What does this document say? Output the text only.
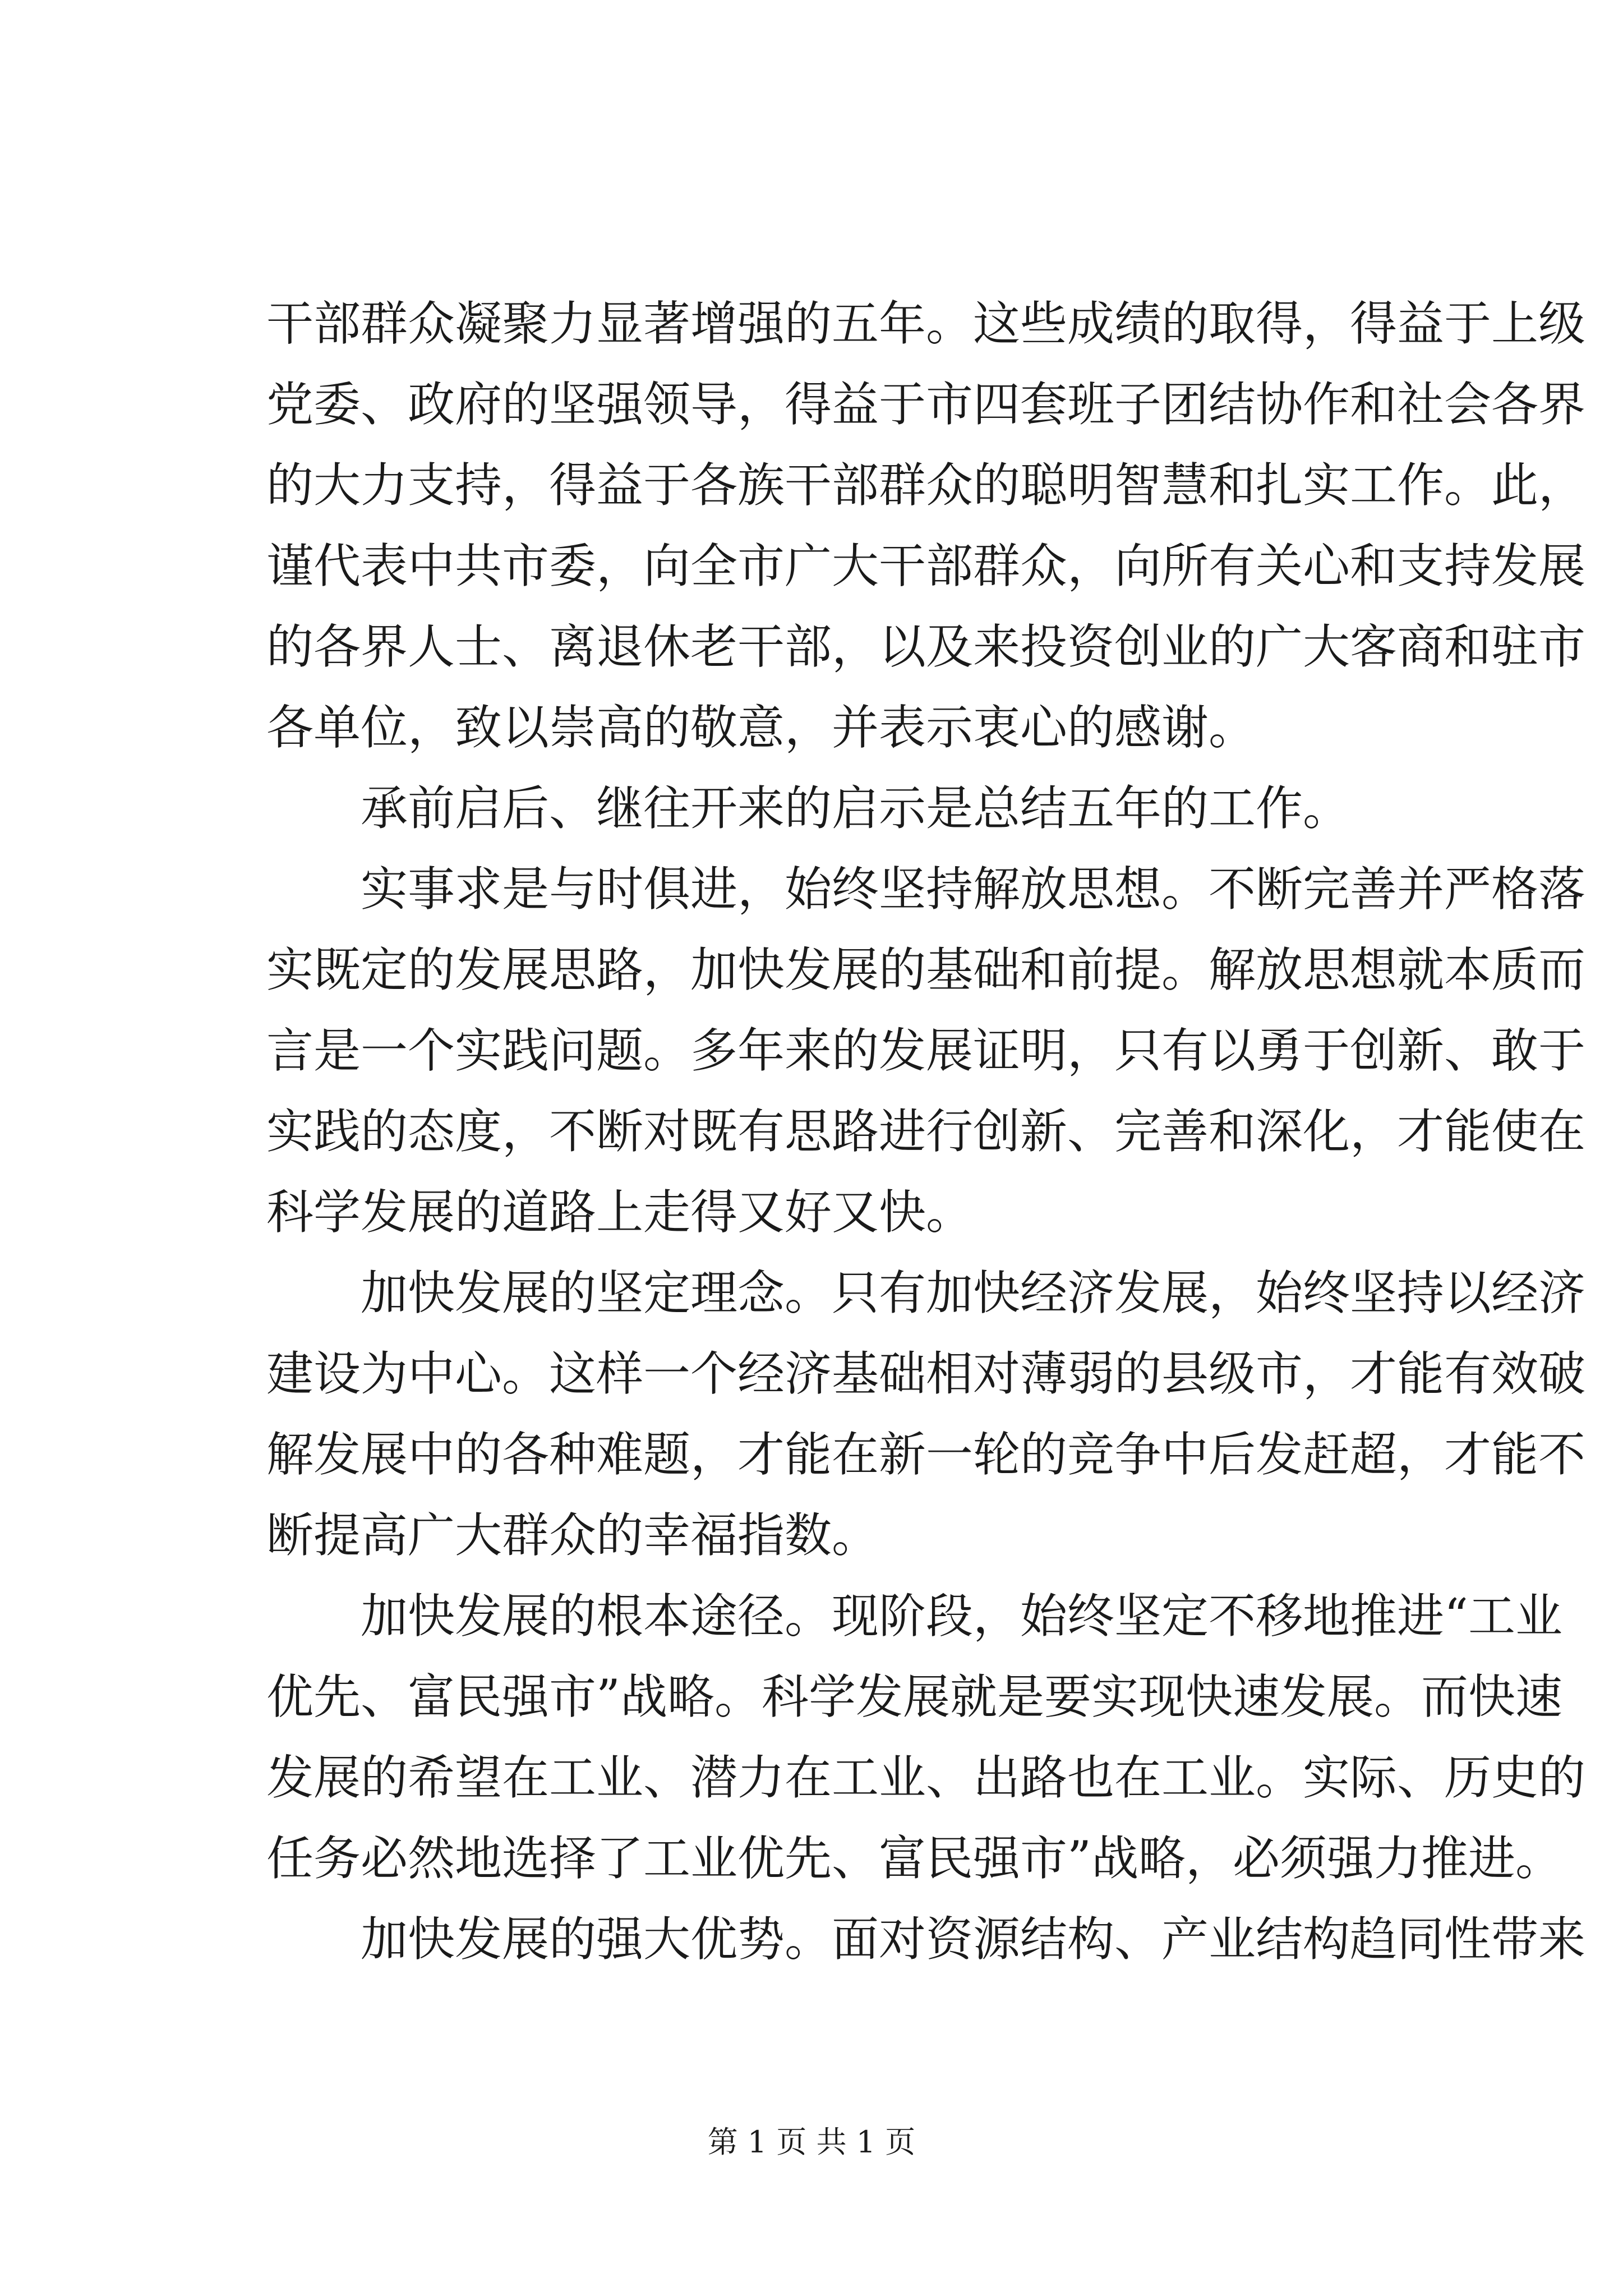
干部群众凝聚力显著增强的五年。这些成绩的取得，得益于上级
党委、政府的坚强领导，得益于市四套班子团结协作和社会各界
的大力支持，得益于各族干部群众的聪明智慧和扎实工作。此，
谨代表中共市委，向全市广大干部群众，向所有关心和支持发展
的各界人士、离退休老干部，以及来投资创业的广大客商和驻市
各单位，致以崇高的敬意，并表示衷心的感谢。
　　承前启后、继往开来的启示是总结五年的工作。
　　实事求是与时俱进，始终坚持解放思想。不断完善并严格落
实既定的发展思路，加快发展的基础和前提。解放思想就本质而
言是一个实践问题。多年来的发展证明，只有以勇于创新、敢于
实践的态度，不断对既有思路进行创新、完善和深化，才能使在
科学发展的道路上走得又好又快。
　　加快发展的坚定理念。只有加快经济发展，始终坚持以经济
建设为中心。这样一个经济基础相对薄弱的县级市，才能有效破
解发展中的各种难题，才能在新一轮的竞争中后发赶超，才能不
断提高广大群众的幸福指数。
　　加快发展的根本途径。现阶段，始终坚定不移地推进“工业
优先、富民强市”战略。科学发展就是要实现快速发展。而快速
发展的希望在工业、潜力在工业、出路也在工业。实际、历史的
任务必然地选择了工业优先、富民强市”战略，必须强力推进。
　　加快发展的强大优势。面对资源结构、产业结构趋同性带来
第 1 页 共 1 页
